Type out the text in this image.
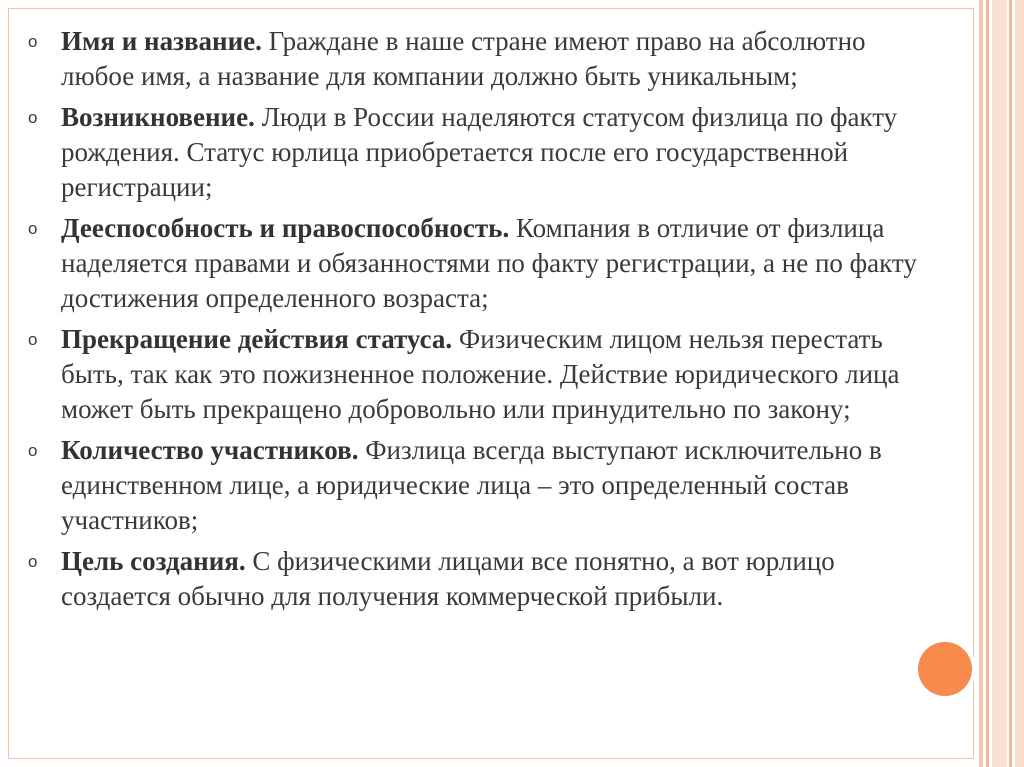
o Имя и название. Граждане в наше стране имеют право на абсолютно любое имя, а название для компании должно быть уникальным;
o Возникновение. Люди в России наделяются статусом физлица по факту рождения. Статус юрлица приобретается после его государственной регистрации;
o Дееспособность и правоспособность. Компания в отличие от физлица наделяется правами и обязанностями по факту регистрации, а не по факту достижения определенного возраста;
o Прекращение действия статуса. Физическим лицом нельзя перестать быть, так как это пожизненное положение. Действие юридического лица может быть прекращено добровольно или принудительно по закону;
o Количество участников. Физлица всегда выступают исключительно в единственном лице, а юридические лица – это определенный состав участников;
o Цель создания. С физическими лицами все понятно, а вот юрлицо создается обычно для получения коммерческой прибыли.
